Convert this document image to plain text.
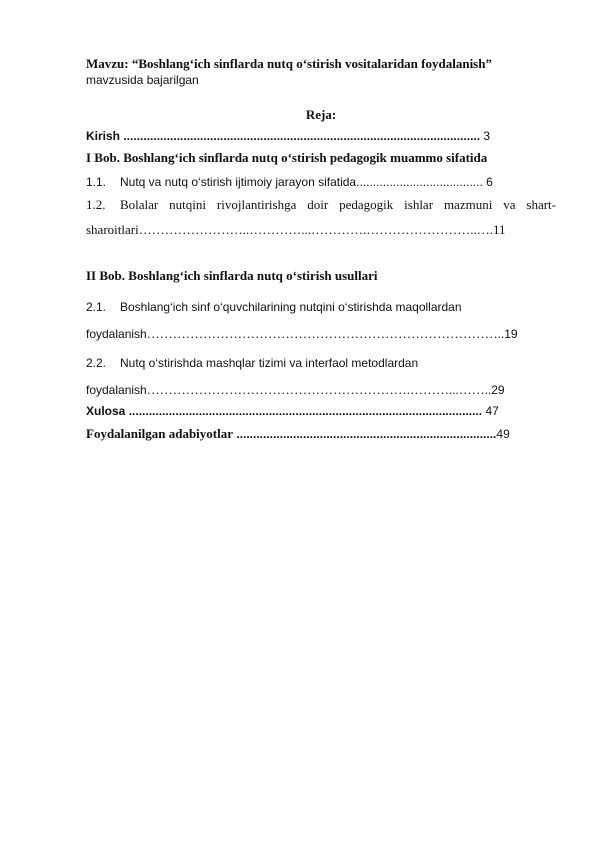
Mavzu: “Boshlang‘ich sinflarda nutq o‘stirish vositalaridan foydalanish”
mavzusida bajarilgan
Reja:
Kirish ........................................................................................................... 3
I Bob. Boshlang‘ich sinflarda nutq o‘stirish pedagogik muammo sifatida
1.1. Nutq va nutq o‘stirish ijtimoiy jarayon sifatida...................................... 6
1.2. Bolalar nutqini rivojlantirishga doir pedagogik ishlar mazmuni va shart-
sharoitlari……………………..…………...………….……………………..….11
II Bob. Boshlang‘ich sinflarda nutq o‘stirish usullari
2.1. Boshlang‘ich sinf o‘quvchilarining nutqini o‘stirishda maqollardan
foydalanish………………………………………………………………………..19
2.2. Nutq o‘stirishda mashqlar tizimi va interfaol metodlardan
foydalanish…………………………………………………….………...……..29
Xulosa .......................................................................................................... 47
Foydalanilgan adabiyotlar ..............................................................................49
